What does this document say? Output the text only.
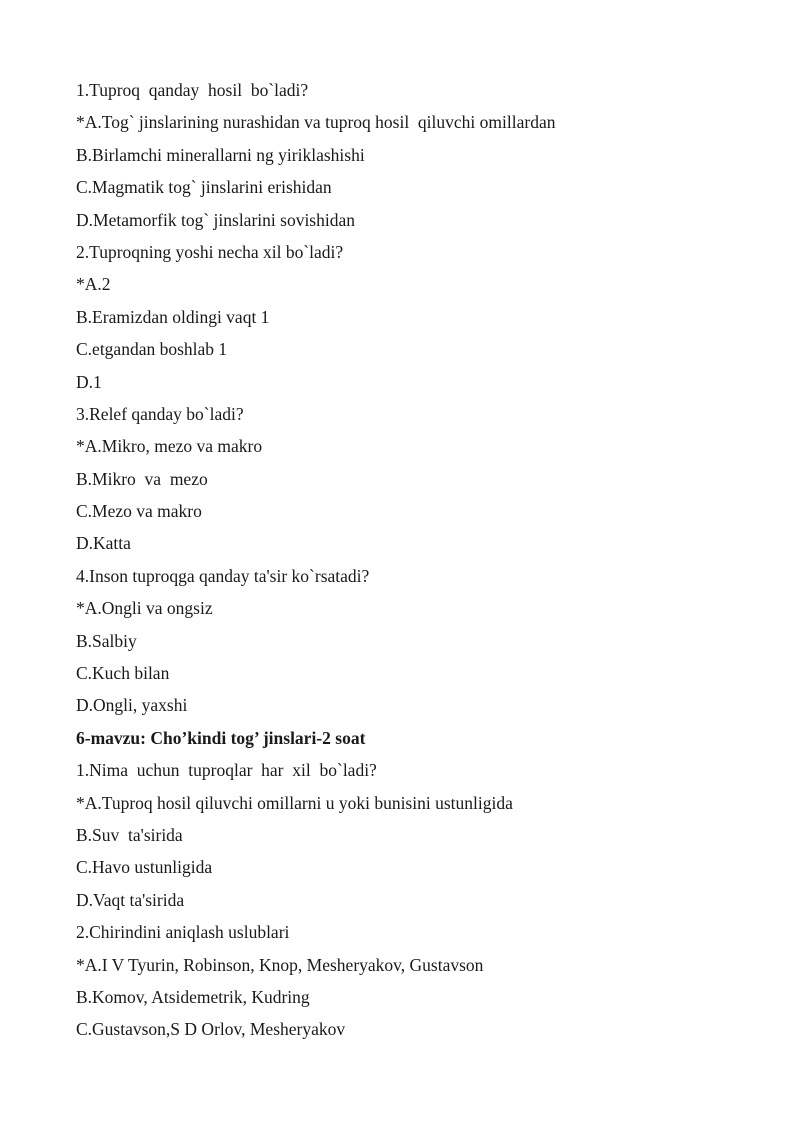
1.Tuproq  qanday  hosil  bo`ladi?
*A.Tog` jinslarining nurashidan va tuproq hosil  qiluvchi omillardan
B.Birlamchi minerallarni ng yiriklashishi
C.Magmatik tog` jinslarini erishidan
D.Metamorfik tog` jinslarini sovishidan
2.Tuproqning yoshi necha xil bo`ladi?
*A.2
B.Eramizdan oldingi vaqt 1
C.etgandan boshlab 1
D.1
3.Relef qanday bo`ladi?
*A.Mikro, mezo va makro
B.Mikro  va  mezo
C.Mezo va makro
D.Katta
4.Inson tuproqga qanday ta'sir ko`rsatadi?
*A.Ongli va ongsiz
B.Salbiy
C.Kuch bilan
D.Ongli, yaxshi
6-mavzu: Cho’kindi tog’ jinslari-2 soat
1.Nima  uchun  tuproqlar  har  xil  bo`ladi?
*A.Tuproq hosil qiluvchi omillarni u yoki bunisini ustunligida
B.Suv  ta'sirida
C.Havo ustunligida
D.Vaqt ta'sirida
2.Chirindini aniqlash uslublari
*A.I V Tyurin, Robinson, Knop, Mesheryakov, Gustavson
B.Komov, Atsidemetrik, Kudring
C.Gustavson,S D Orlov, Mesheryakov
